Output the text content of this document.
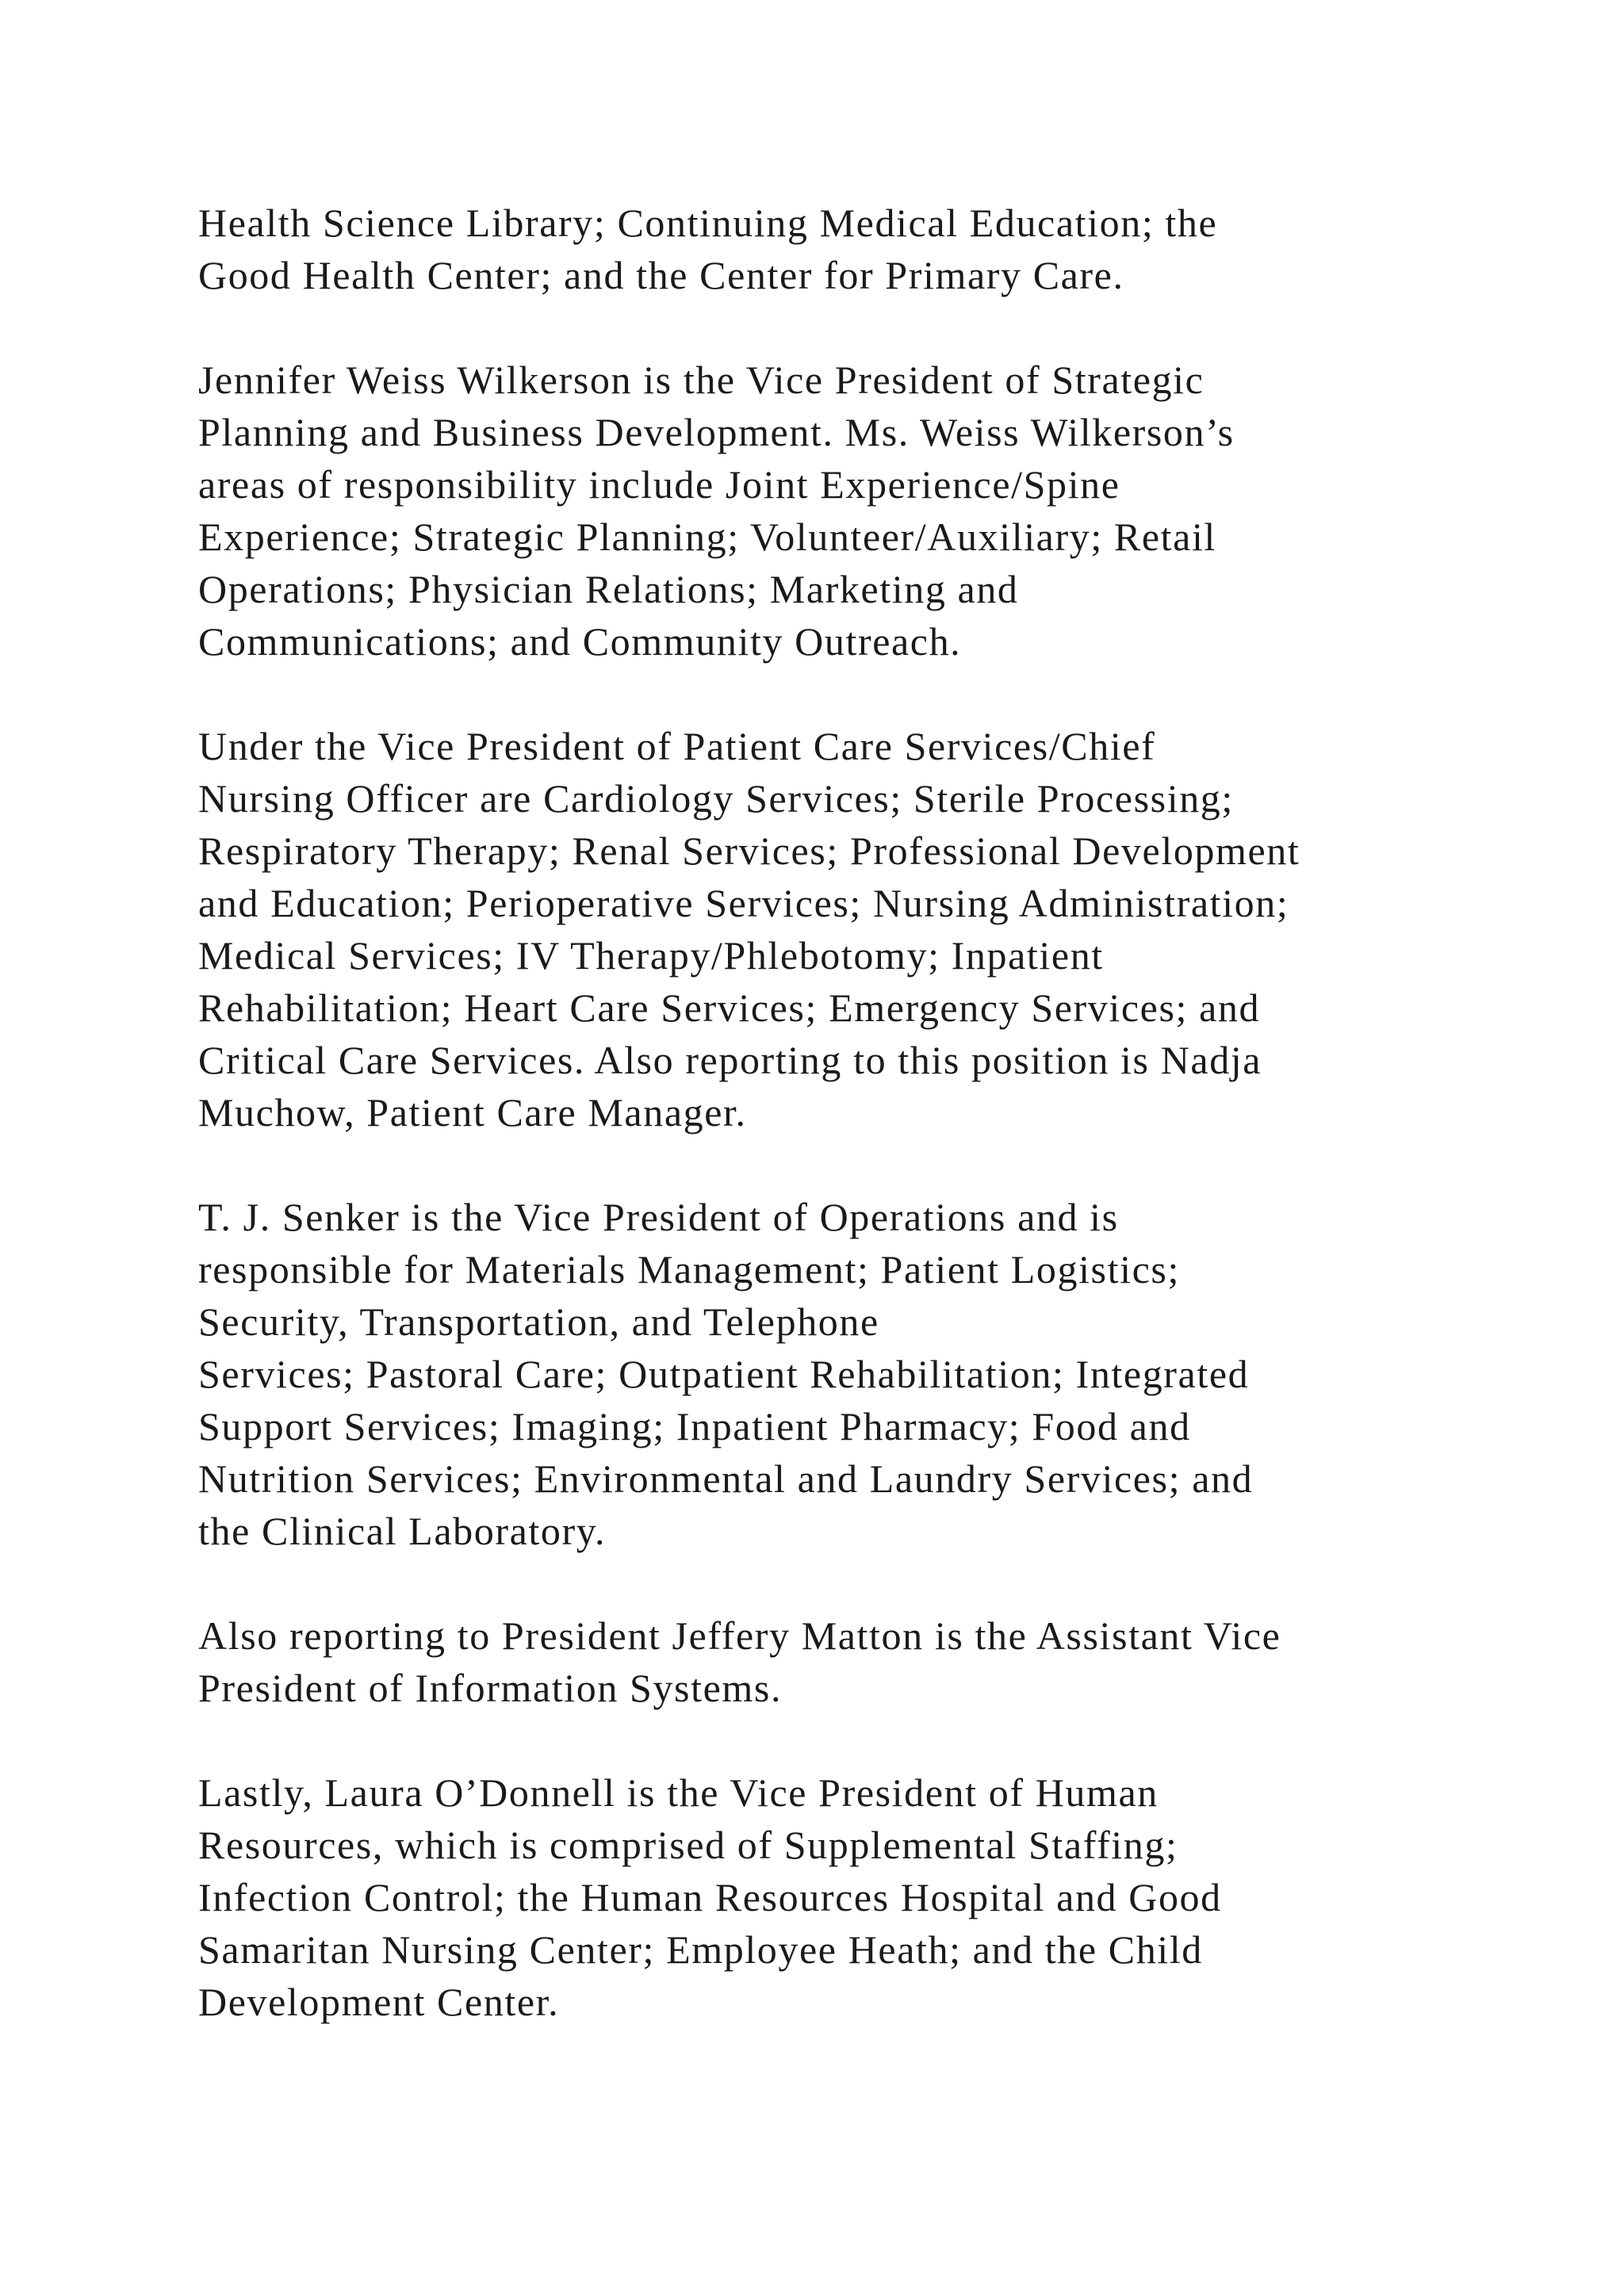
Health Science Library; Continuing Medical Education; the
Good Health Center; and the Center for Primary Care.

Jennifer Weiss Wilkerson is the Vice President of Strategic
Planning and Business Development. Ms. Weiss Wilkerson’s
areas of responsibility include Joint Experience/Spine
Experience; Strategic Planning; Volunteer/Auxiliary; Retail
Operations; Physician Relations; Marketing and
Communications; and Community Outreach.

Under the Vice President of Patient Care Services/Chief
Nursing Officer are Cardiology Services; Sterile Processing;
Respiratory Therapy; Renal Services; Professional Development
and Education; Perioperative Services; Nursing Administration;
Medical Services; IV Therapy/Phlebotomy; Inpatient
Rehabilitation; Heart Care Services; Emergency Services; and
Critical Care Services. Also reporting to this position is Nadja
Muchow, Patient Care Manager.

T. J. Senker is the Vice President of Operations and is
responsible for Materials Management; Patient Logistics;
Security, Transportation, and Telephone
Services; Pastoral Care; Outpatient Rehabilitation; Integrated
Support Services; Imaging; Inpatient Pharmacy; Food and
Nutrition Services; Environmental and Laundry Services; and
the Clinical Laboratory.

Also reporting to President Jeffery Matton is the Assistant Vice
President of Information Systems.

Lastly, Laura O’Donnell is the Vice President of Human
Resources, which is comprised of Supplemental Staffing;
Infection Control; the Human Resources Hospital and Good
Samaritan Nursing Center; Employee Heath; and the Child
Development Center.
